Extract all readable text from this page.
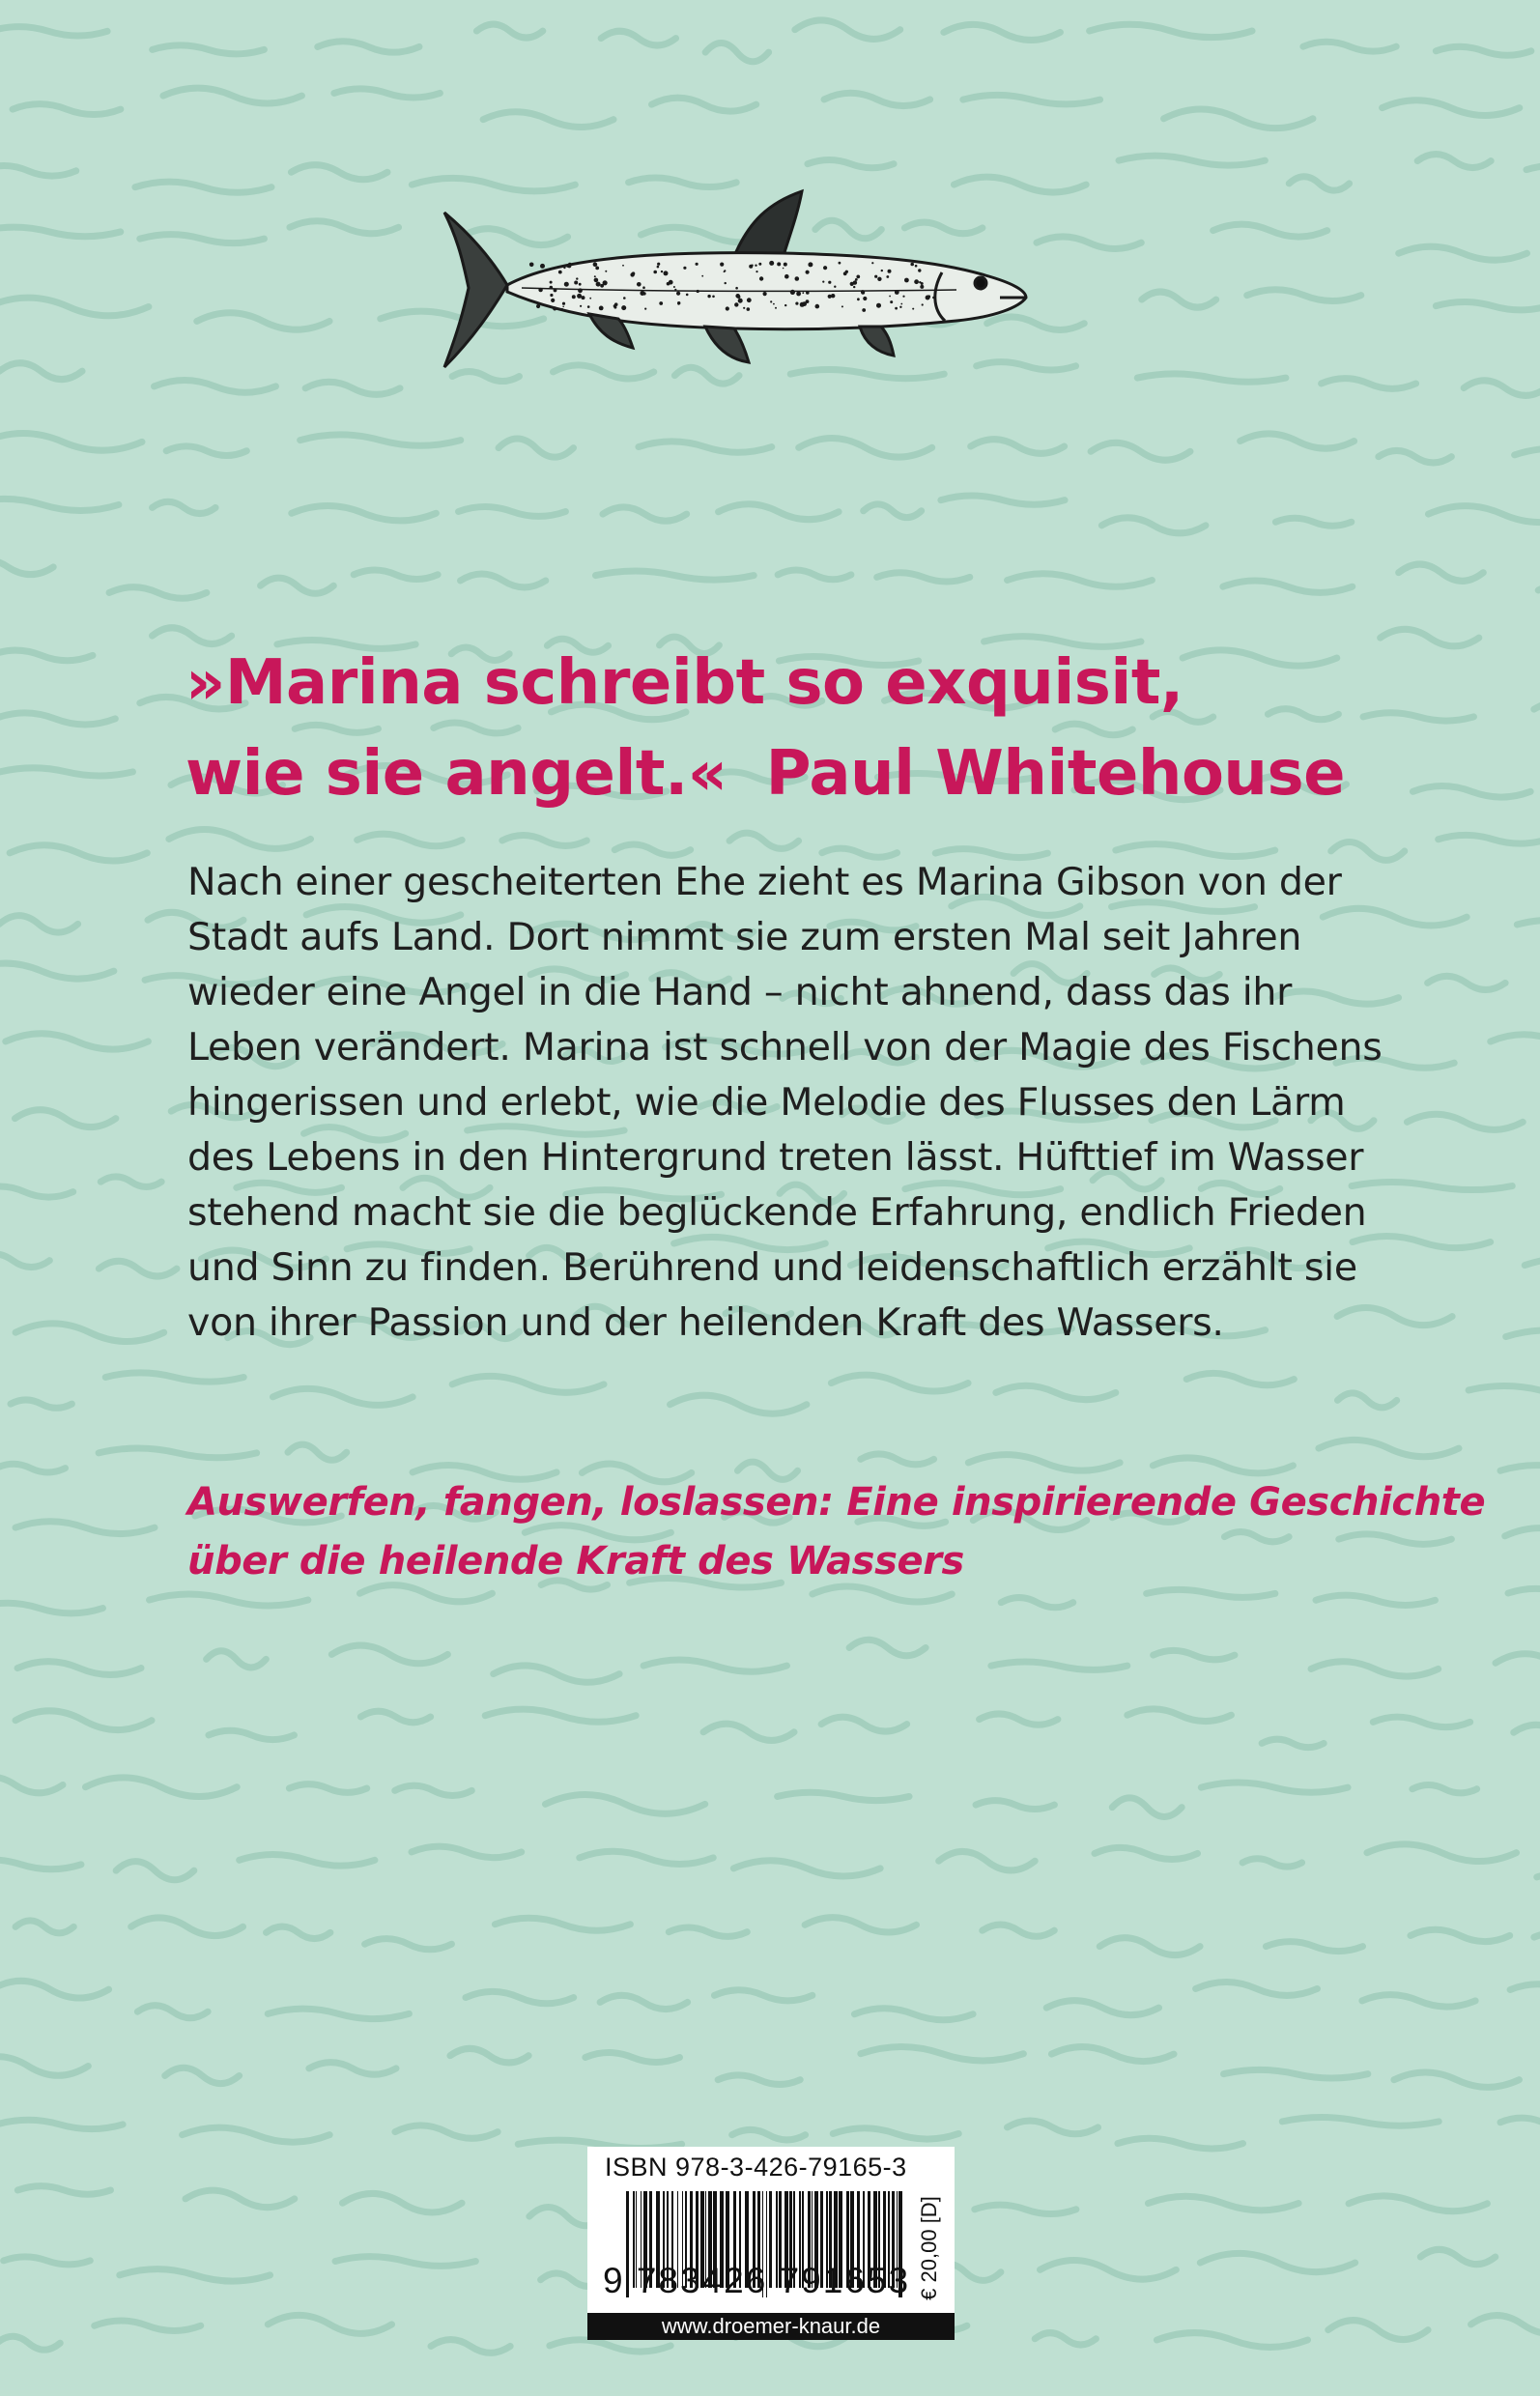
»Marina schreibt so exquisit,
wie sie angelt.« Paul Whitehouse
Nach einer gescheiterten Ehe zieht es Marina Gibson von der
Stadt aufs Land. Dort nimmt sie zum ersten Mal seit Jahren
wieder eine Angel in die Hand – nicht ahnend, dass das ihr
Leben verändert. Marina ist schnell von der Magie des Fischens
hingerissen und erlebt, wie die Melodie des Flusses den Lärm
des Lebens in den Hintergrund treten lässt. Hüfttief im Wasser
stehend macht sie die beglückende Erfahrung, endlich Frieden
und Sinn zu finden. Berührend und leidenschaftlich erzählt sie
von ihrer Passion und der heilenden Kraft des Wassers.
Auswerfen, fangen, loslassen: Eine inspirierende Geschichte
über die heilende Kraft des Wassers
ISBN 978-3-426-79165-3
9 783426 791653 € 20,00 [D]
www.droemer-knaur.de
